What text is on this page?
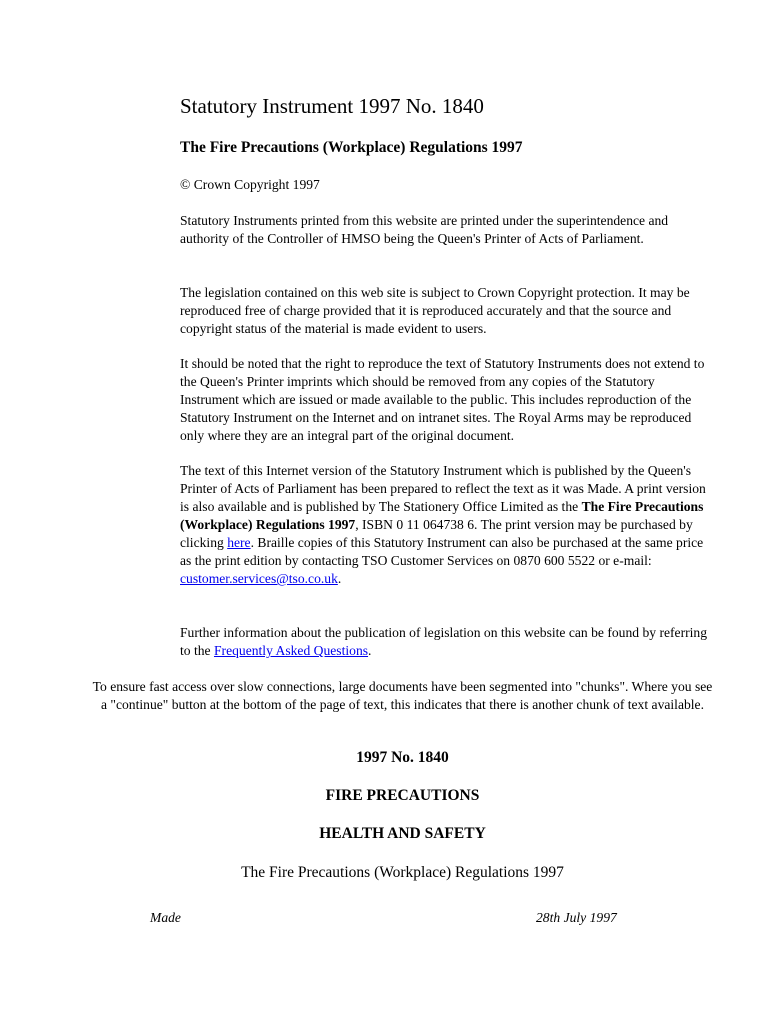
Statutory Instrument 1997 No. 1840
The Fire Precautions (Workplace) Regulations 1997
© Crown Copyright 1997

Statutory Instruments printed from this website are printed under the superintendence and authority of the Controller of HMSO being the Queen's Printer of Acts of Parliament.

The legislation contained on this web site is subject to Crown Copyright protection. It may be reproduced free of charge provided that it is reproduced accurately and that the source and copyright status of the material is made evident to users.

It should be noted that the right to reproduce the text of Statutory Instruments does not extend to the Queen's Printer imprints which should be removed from any copies of the Statutory Instrument which are issued or made available to the public. This includes reproduction of the Statutory Instrument on the Internet and on intranet sites. The Royal Arms may be reproduced only where they are an integral part of the original document.

The text of this Internet version of the Statutory Instrument which is published by the Queen's Printer of Acts of Parliament has been prepared to reflect the text as it was Made. A print version is also available and is published by The Stationery Office Limited as the The Fire Precautions (Workplace) Regulations 1997, ISBN 0 11 064738 6. The print version may be purchased by clicking here. Braille copies of this Statutory Instrument can also be purchased at the same price as the print edition by contacting TSO Customer Services on 0870 600 5522 or e-mail: customer.services@tso.co.uk.

Further information about the publication of legislation on this website can be found by referring to the Frequently Asked Questions.

To ensure fast access over slow connections, large documents have been segmented into "chunks". Where you see a "continue" button at the bottom of the page of text, this indicates that there is another chunk of text available.

1997 No. 1840
FIRE PRECAUTIONS
HEALTH AND SAFETY
The Fire Precautions (Workplace) Regulations 1997
Made	28th July 1997
